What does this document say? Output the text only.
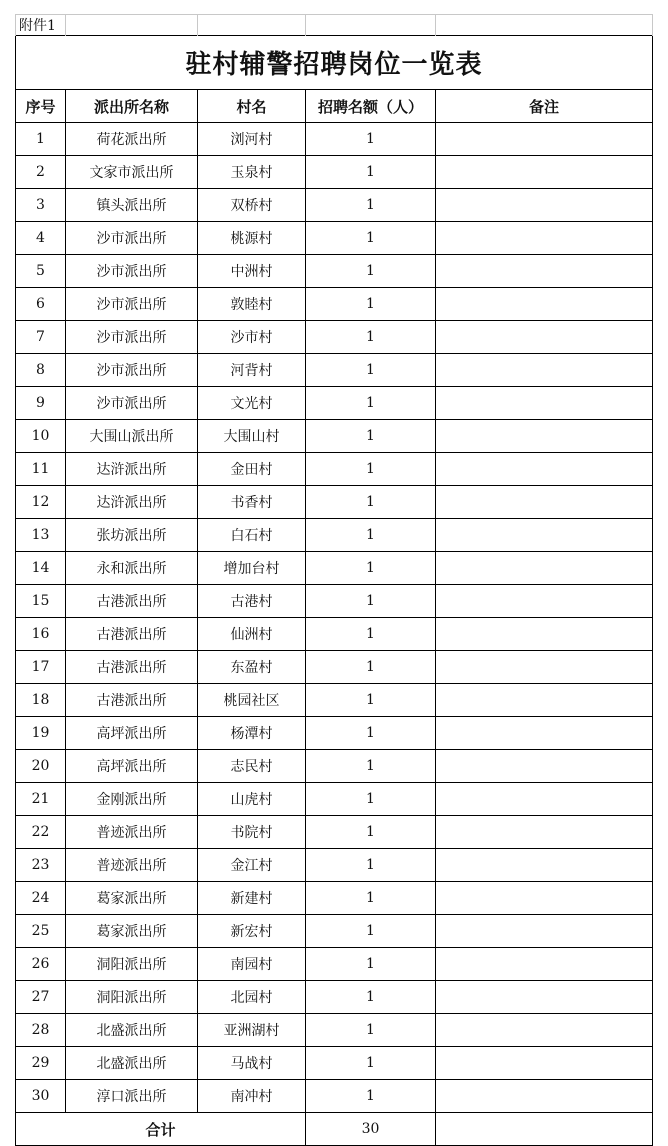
附件1				
驻村辅警招聘岗位一览表				
序号	派出所名称	村名	招聘名额（人）	备注
1	荷花派出所	浏河村	1	
2	文家市派出所	玉泉村	1	
3	镇头派出所	双桥村	1	
4	沙市派出所	桃源村	1	
5	沙市派出所	中洲村	1	
6	沙市派出所	敦睦村	1	
7	沙市派出所	沙市村	1	
8	沙市派出所	河背村	1	
9	沙市派出所	文光村	1	
10	大围山派出所	大围山村	1	
11	达浒派出所	金田村	1	
12	达浒派出所	书香村	1	
13	张坊派出所	白石村	1	
14	永和派出所	增加台村	1	
15	古港派出所	古港村	1	
16	古港派出所	仙洲村	1	
17	古港派出所	东盈村	1	
18	古港派出所	桃园社区	1	
19	高坪派出所	杨潭村	1	
20	高坪派出所	志民村	1	
21	金刚派出所	山虎村	1	
22	普迹派出所	书院村	1	
23	普迹派出所	金江村	1	
24	葛家派出所	新建村	1	
25	葛家派出所	新宏村	1	
26	洞阳派出所	南园村	1	
27	洞阳派出所	北园村	1	
28	北盛派出所	亚洲湖村	1	
29	北盛派出所	马战村	1	
30	淳口派出所	南冲村	1	
合计			30	
